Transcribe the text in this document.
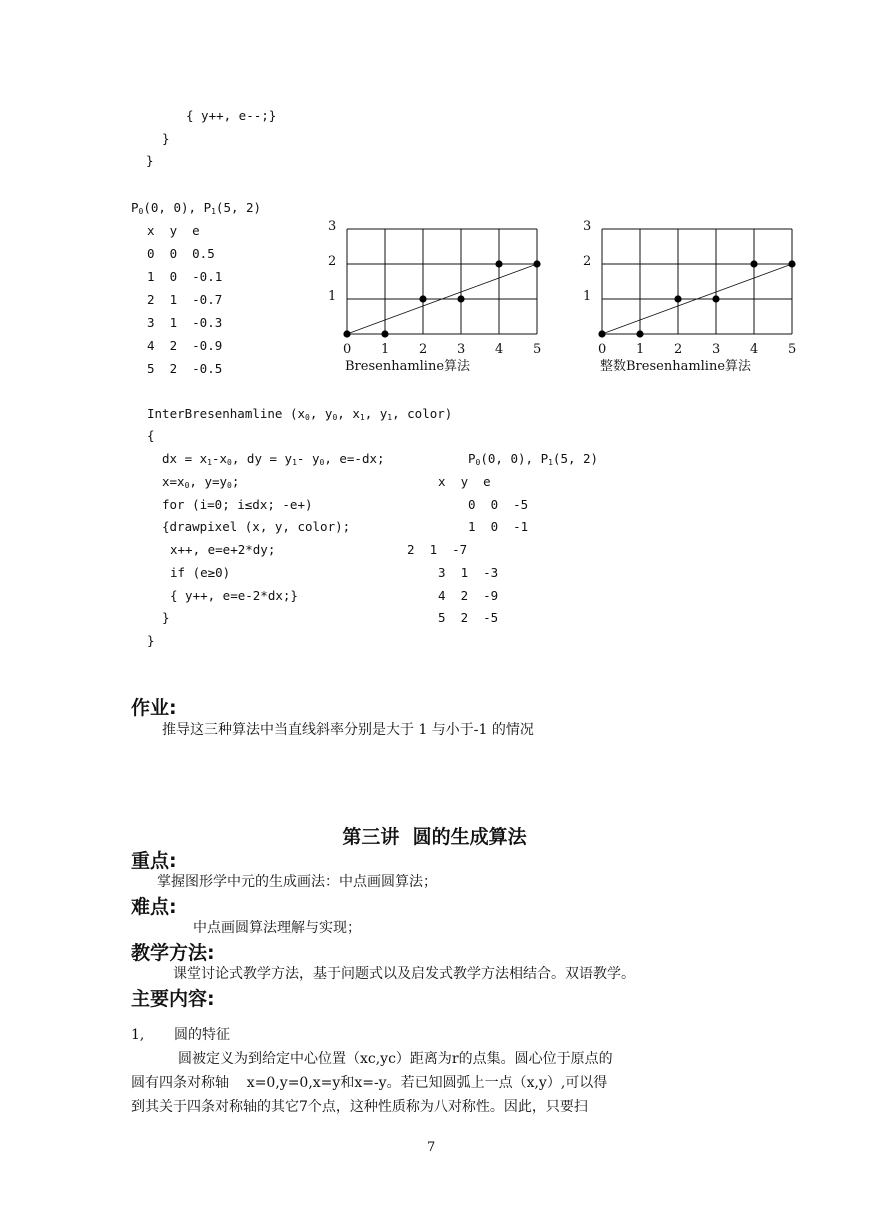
{ y++, e--;}
}
}
$P_0(0$, 0), $P_1(5$, 2)
x  y  e
0  0  0.5
1  0  -0.1
2  1  -0.7
3  1  -0.3
4  2  -0.9
5  2  -0.5
0 1 2 3 4 5
1
2
3
Bresenhamline算法
0 1 2 3 4 5
1
2
3
整数Bresenhamline算法
InterBresenhamline ($x_0$, $y_0$, $x_1$, $y_1$, color)
{
dx = $x_1-x_0$, dy = $y_1-$ $y_0$, e=-dx;
$x=x_0$, $y=y_0$;
for (i=0; i≤dx; -e+)
{drawpixel (x, y, color);
x++, e=e+2*dy;
if (e≥0)
{ y++, e=e-2*dx;}
}
}
$P_0(0$, 0), $P_1(5$, 2)
x  y  e
0  0  -5
1  0  -1
2  1  -7
3  1  -3
4  2  -9
5  2  -5
作业:
推导这三种算法中当直线斜率分别是大于 1 与小于-1 的情况
第三讲  圆的生成算法
重点:
掌握图形学中元的生成画法：中点画圆算法；
难点:
中点画圆算法理解与实现；
教学方法:
课堂讨论式教学方法，基于问题式以及启发式教学方法相结合。双语教学。
主要内容:
1, 圆的特征
圆被定义为到给定中心位置（xc,yc）距离为r的点集。圆心位于原点的
圆有四条对称轴    x=0,y=0,x=y和x=-y。若已知圆弧上一点（x,y）,可以得
到其关于四条对称轴的其它7个点，这种性质称为八对称性。因此，只要扫
7
